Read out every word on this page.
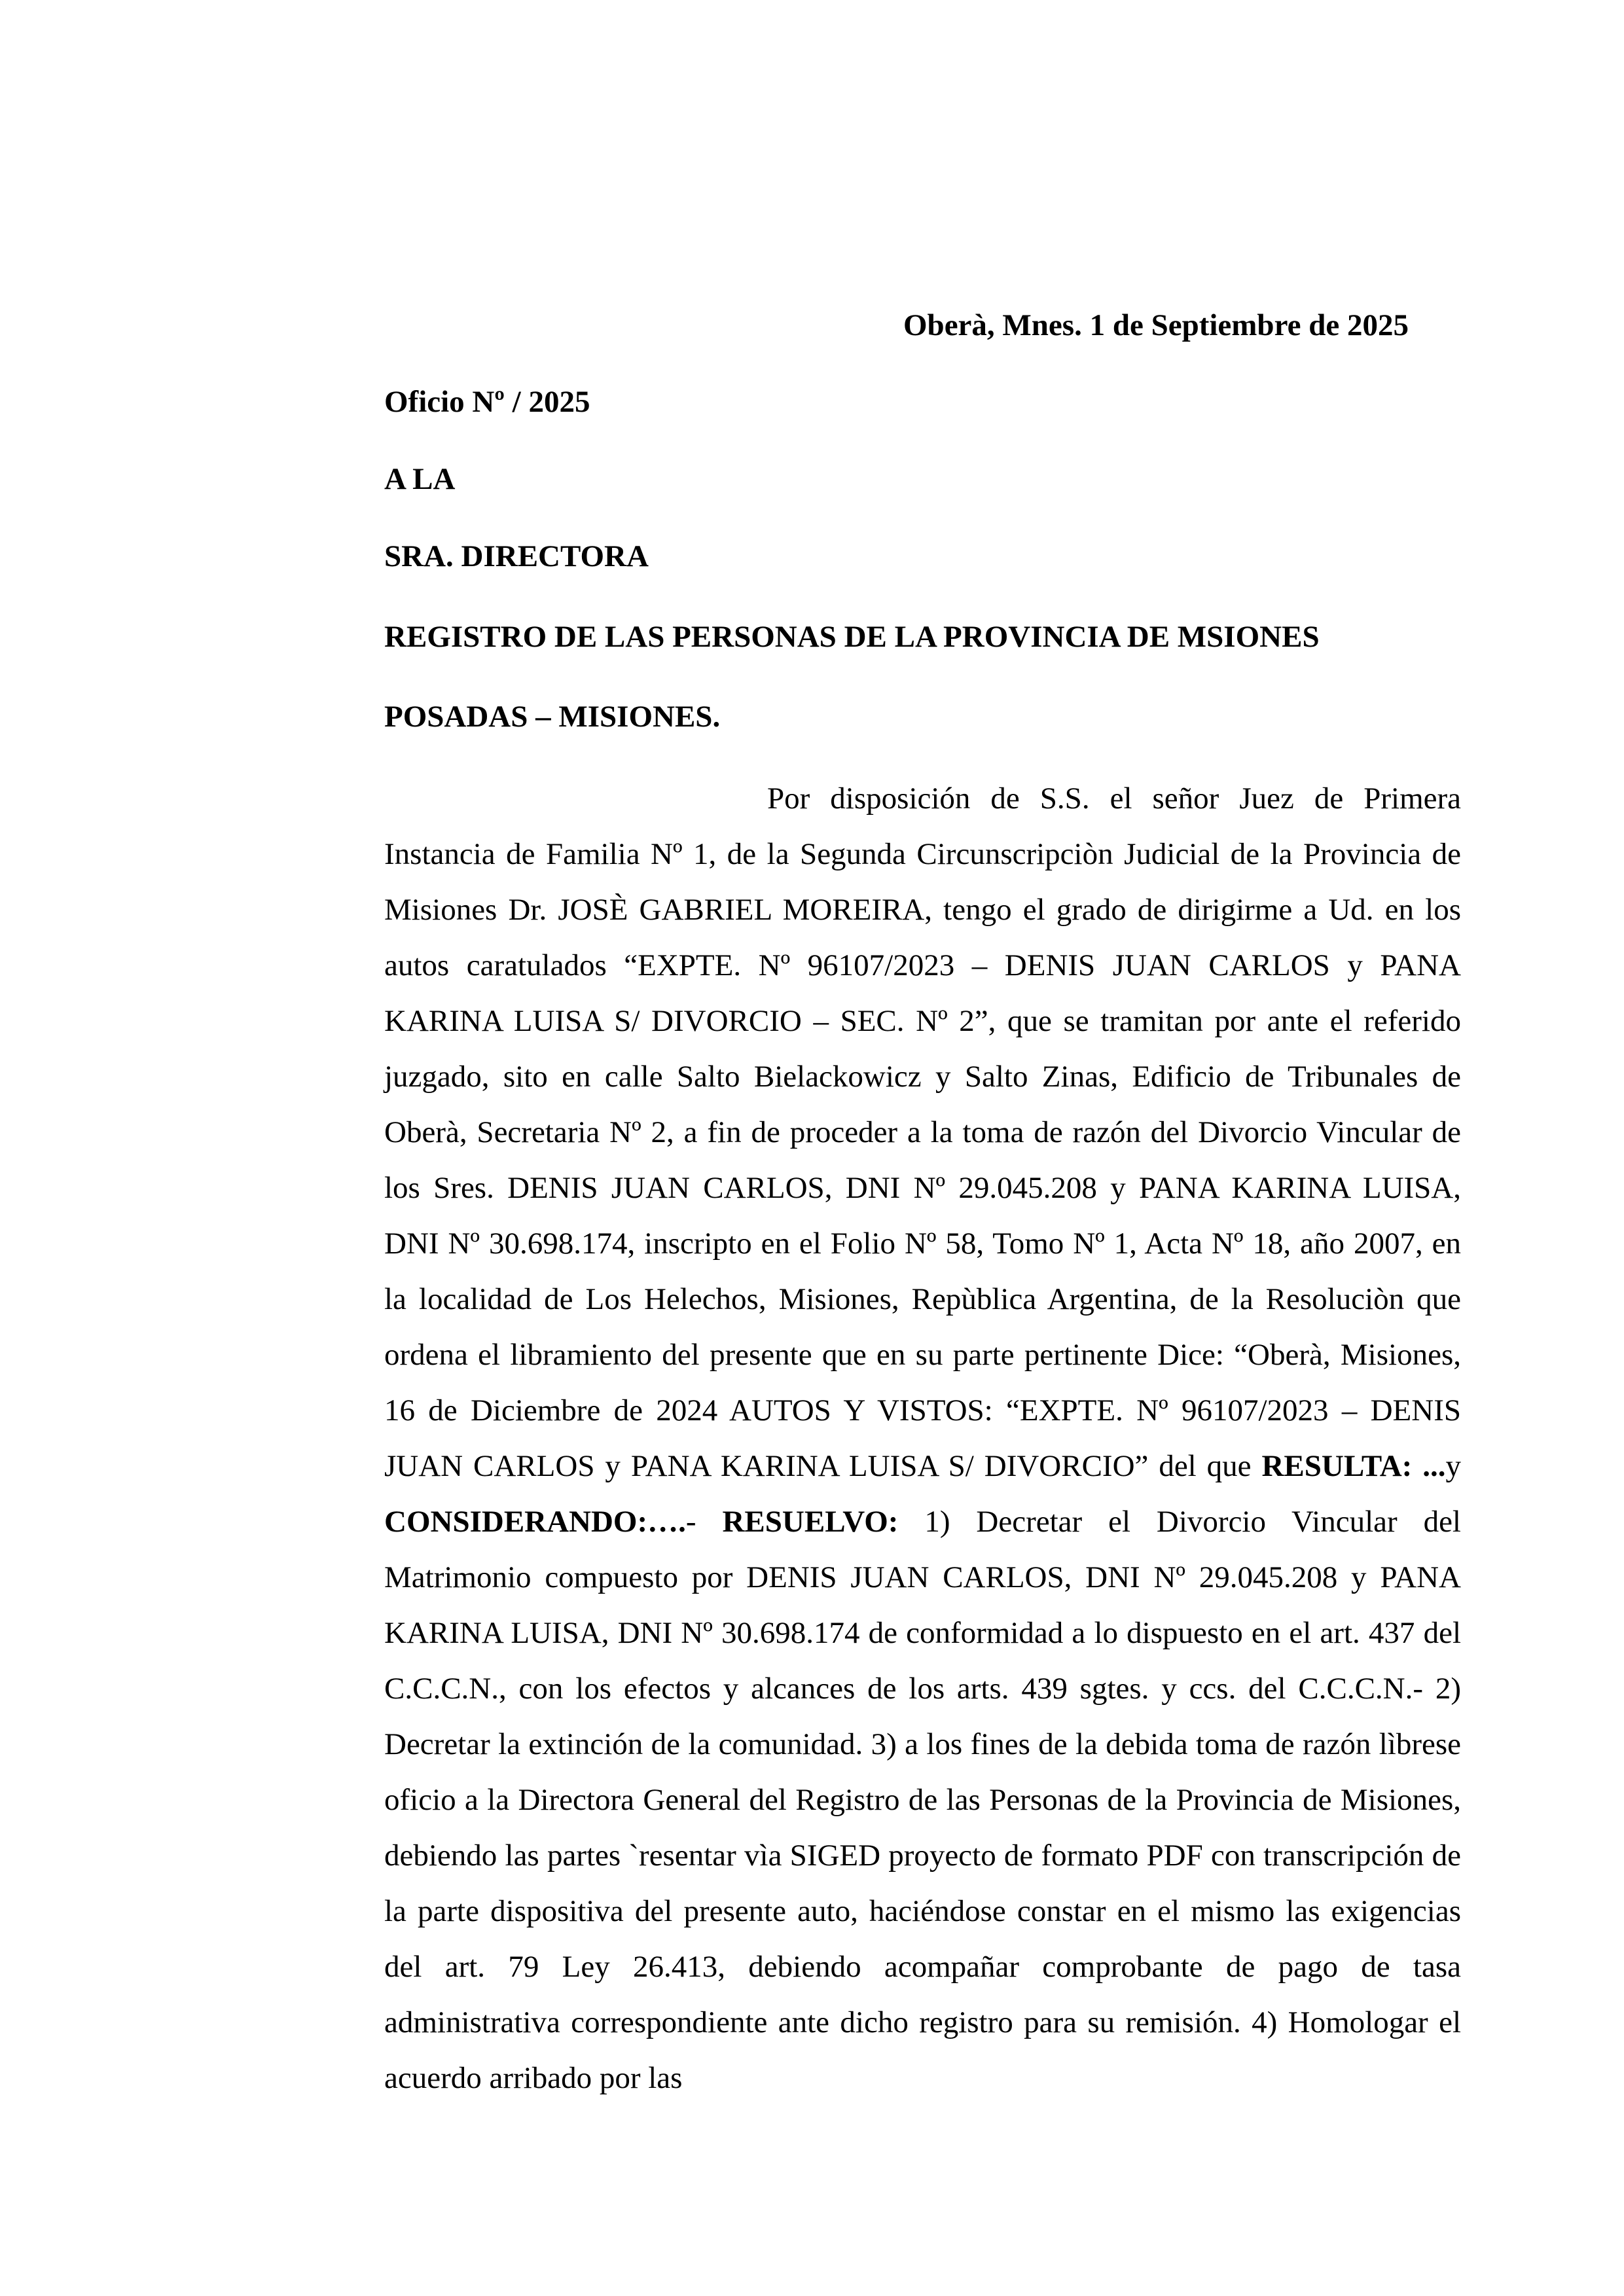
Oberà, Mnes. 1 de Septiembre de 2025
Oficio Nº / 2025
A LA
SRA. DIRECTORA
REGISTRO DE LAS PERSONAS DE LA PROVINCIA DE MSIONES
POSADAS – MISIONES.

Por disposición de S.S. el señor Juez de Primera Instancia de Familia Nº 1, de la Segunda Circunscripciòn Judicial de la Provincia de Misiones Dr. JOSÈ GABRIEL MOREIRA, tengo el grado de dirigirme a Ud. en los autos caratulados “EXPTE. Nº 96107/2023 – DENIS JUAN CARLOS y PANA KARINA LUISA S/ DIVORCIO – SEC. Nº 2”, que se tramitan por ante el referido juzgado, sito en calle Salto Bielackowicz y Salto Zinas, Edificio de Tribunales de Oberà, Secretaria Nº 2, a fin de proceder a la toma de razón del Divorcio Vincular de los Sres. DENIS JUAN CARLOS, DNI Nº 29.045.208 y PANA KARINA LUISA, DNI Nº 30.698.174, inscripto en el Folio Nº 58, Tomo Nº 1, Acta Nº 18, año 2007, en la localidad de Los Helechos, Misiones, Repùblica Argentina, de la Resoluciòn que ordena el libramiento del presente que en su parte pertinente Dice: “Oberà, Misiones, 16 de Diciembre de 2024 AUTOS Y VISTOS: “EXPTE. Nº 96107/2023 – DENIS JUAN CARLOS y PANA KARINA LUISA S/ DIVORCIO” del que RESULTA: ...y CONSIDERANDO:….- RESUELVO: 1) Decretar el Divorcio Vincular del Matrimonio compuesto por DENIS JUAN CARLOS, DNI Nº 29.045.208 y PANA KARINA LUISA, DNI Nº 30.698.174 de conformidad a lo dispuesto en el art. 437 del C.C.C.N., con los efectos y alcances de los arts. 439 sgtes. y ccs. del C.C.C.N.- 2) Decretar la extinción de la comunidad. 3) a los fines de la debida toma de razón lìbrese oficio a la Directora General del Registro de las Personas de la Provincia de Misiones, debiendo las partes `resentar vìa SIGED proyecto de formato PDF con transcripción de la parte dispositiva del presente auto, haciéndose constar en el mismo las exigencias del art. 79 Ley 26.413, debiendo acompañar comprobante de pago de tasa administrativa correspondiente ante dicho registro para su remisión. 4) Homologar el acuerdo arribado por las
